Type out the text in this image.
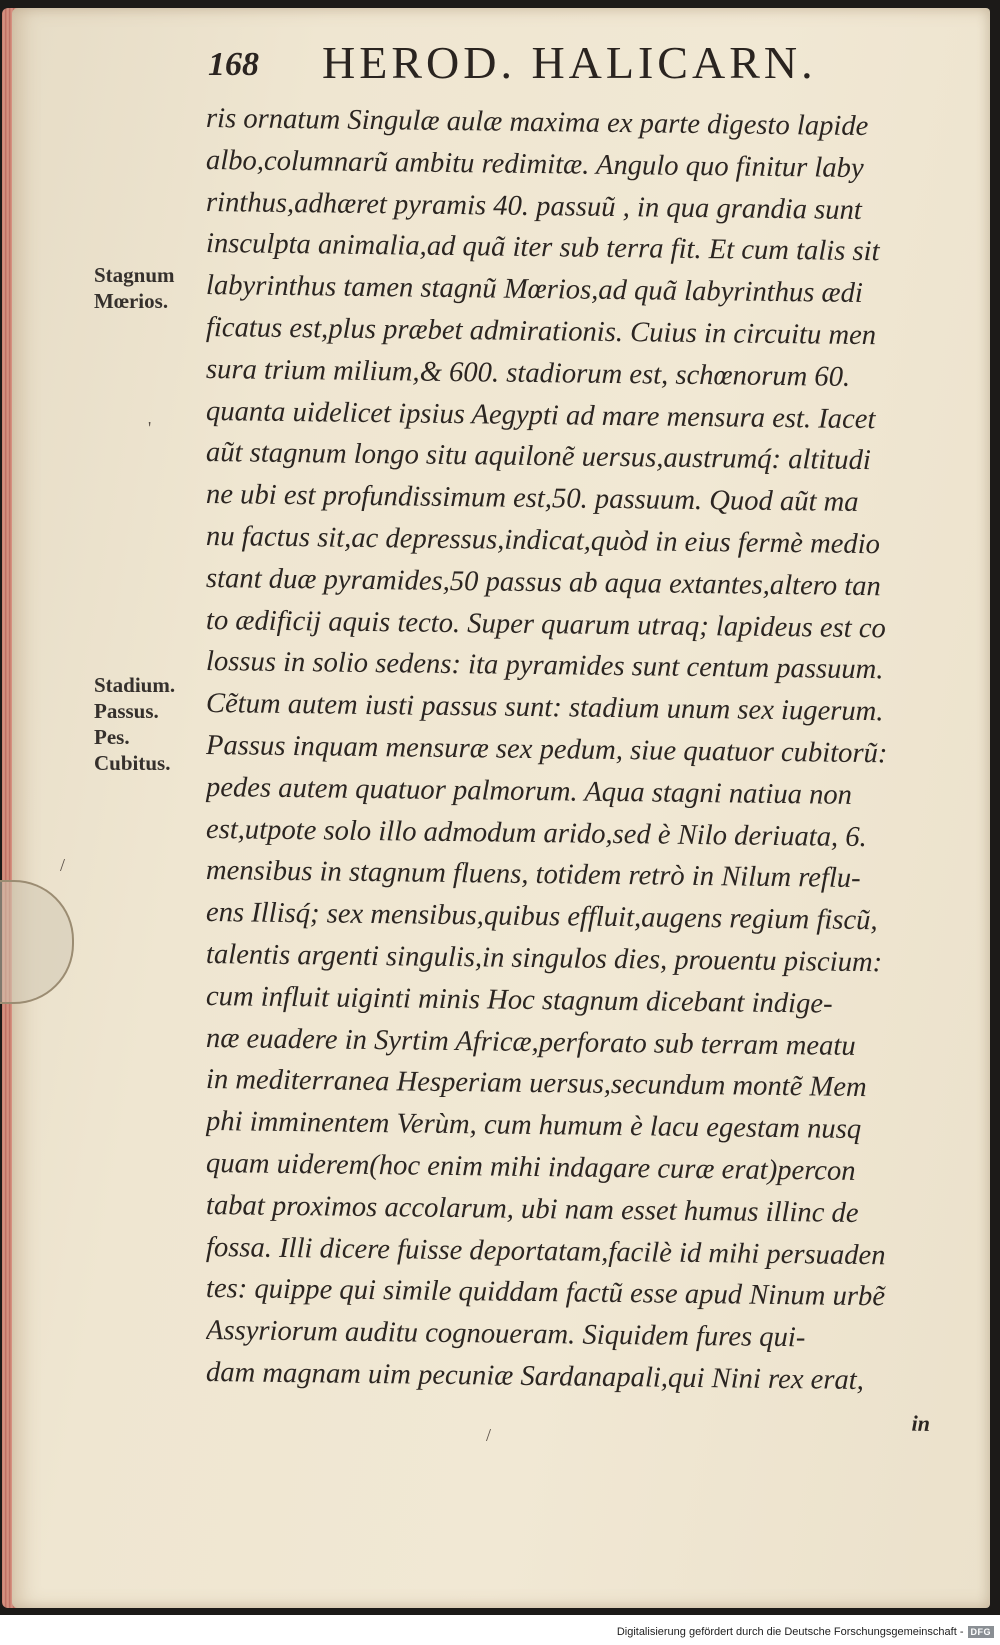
168 HEROD. HALICARN.
Stagnum
Mœrios.
Stadium.
Passus.
Pes.
Cubitus.
'
/
/
ris ornatum Singulæ aulæ maxima ex parte digesto lapide
albo,columnarũ ambitu redimitæ. Angulo quo finitur laby
rinthus,adhæret pyramis 40. passuũ , in qua grandia sunt
insculpta animalia,ad quã iter sub terra fit. Et cum talis sit
labyrinthus tamen stagnũ Mœrios,ad quã labyrinthus ædi
ficatus est,plus præbet admirationis. Cuius in circuitu men
sura trium milium,& 600. stadiorum est, schœnorum 60.
quanta uidelicet ipsius Aegypti ad mare mensura est. Iacet
aũt stagnum longo situ aquilonẽ uersus,austrumq́: altitudi
ne ubi est profundissimum est,50. passuum. Quod aũt ma
nu factus sit,ac depressus,indicat,quòd in eius fermè medio
stant duæ pyramides,50 passus ab aqua extantes,altero tan
to ædificij aquis tecto. Super quarum utraq; lapideus est co
lossus in solio sedens: ita pyramides sunt centum passuum.
Cẽtum autem iusti passus sunt: stadium unum sex iugerum.
Passus inquam mensuræ sex pedum, siue quatuor cubitorũ:
pedes autem quatuor palmorum. Aqua stagni natiua non
est,utpote solo illo admodum arido,sed è Nilo deriuata, 6.
mensibus in stagnum fluens, totidem retrò in Nilum reflu-
ens Illisq́; sex mensibus,quibus effluit,augens regium fiscũ,
talentis argenti singulis,in singulos dies, prouentu piscium:
cum influit uiginti minis Hoc stagnum dicebant indige-
næ euadere in Syrtim Africæ,perforato sub terram meatu
in mediterranea Hesperiam uersus,secundum montẽ Mem
phi imminentem Verùm, cum humum è lacu egestam nusq
quam uiderem(hoc enim mihi indagare curæ erat)percon
tabat proximos accolarum, ubi nam esset humus illinc de
fossa. Illi dicere fuisse deportatam,facilè id mihi persuaden
tes: quippe qui simile quiddam factũ esse apud Ninum urbẽ
Assyriorum auditu cognoueram. Siquidem fures qui-
dam magnam uim pecuniæ Sardanapali,qui Nini rex erat,
in
Digitalisierung gefördert durch die Deutsche Forschungsgemeinschaft - DFG
